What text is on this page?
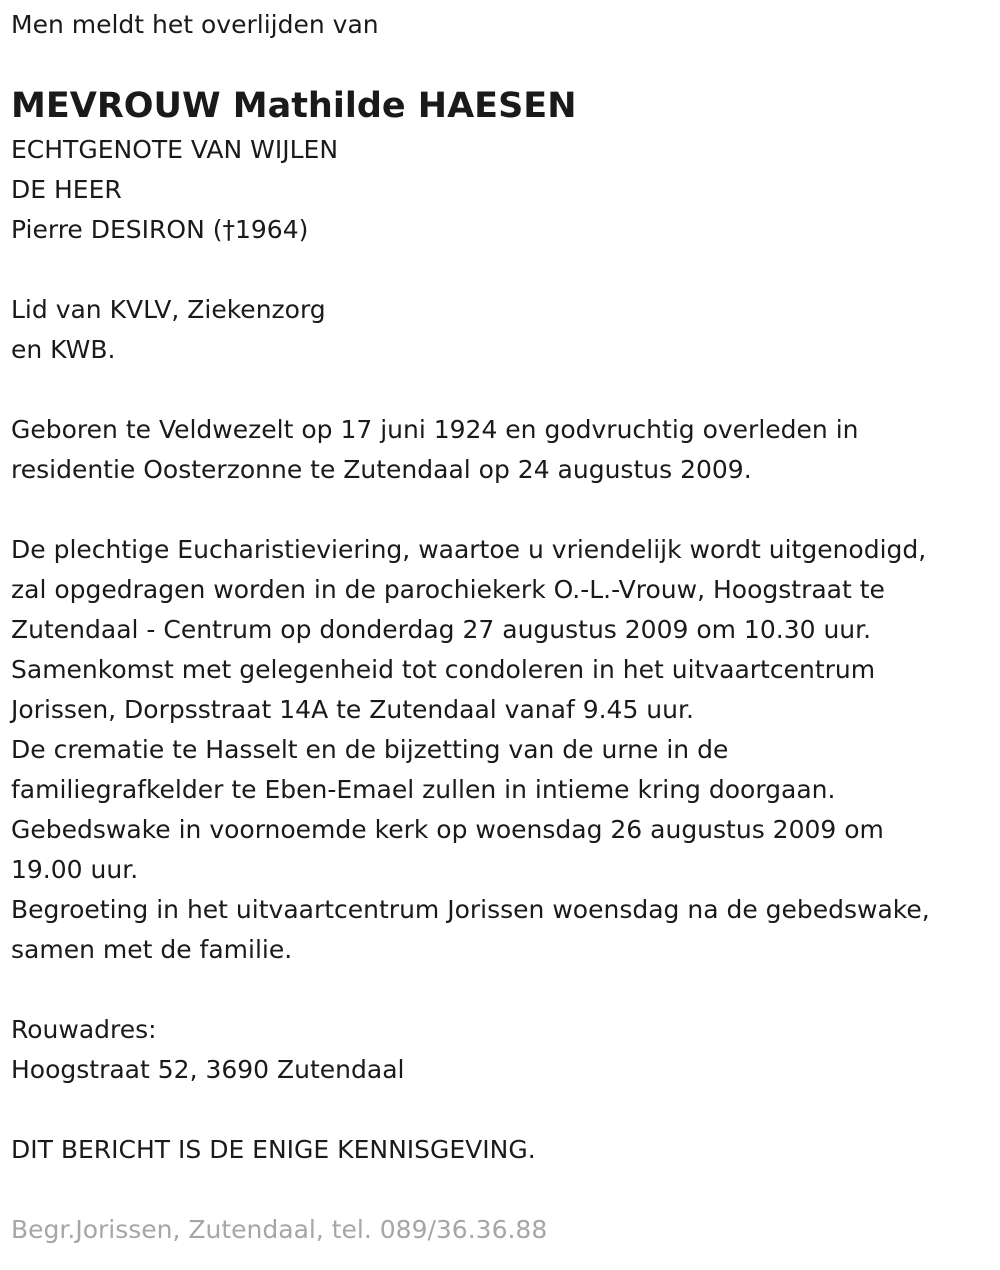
Men meldt het overlijden van
MEVROUW Mathilde HAESEN
ECHTGENOTE VAN WIJLEN
DE HEER
Pierre DESIRON (†1964)
Lid van KVLV, Ziekenzorg
en KWB.
Geboren te Veldwezelt op 17 juni 1924 en godvruchtig overleden in
residentie Oosterzonne te Zutendaal op 24 augustus 2009.
De plechtige Eucharistieviering, waartoe u vriendelijk wordt uitgenodigd,
zal opgedragen worden in de parochiekerk O.-L.-Vrouw, Hoogstraat te
Zutendaal - Centrum op donderdag 27 augustus 2009 om 10.30 uur.
Samenkomst met gelegenheid tot condoleren in het uitvaartcentrum
Jorissen, Dorpsstraat 14A te Zutendaal vanaf 9.45 uur.
De crematie te Hasselt en de bijzetting van de urne in de
familiegrafkelder te Eben-Emael zullen in intieme kring doorgaan.
Gebedswake in voornoemde kerk op woensdag 26 augustus 2009 om
19.00 uur.
Begroeting in het uitvaartcentrum Jorissen woensdag na de gebedswake,
samen met de familie.
Rouwadres:
Hoogstraat 52, 3690 Zutendaal
DIT BERICHT IS DE ENIGE KENNISGEVING.
Begr.Jorissen, Zutendaal, tel. 089/36.36.88
